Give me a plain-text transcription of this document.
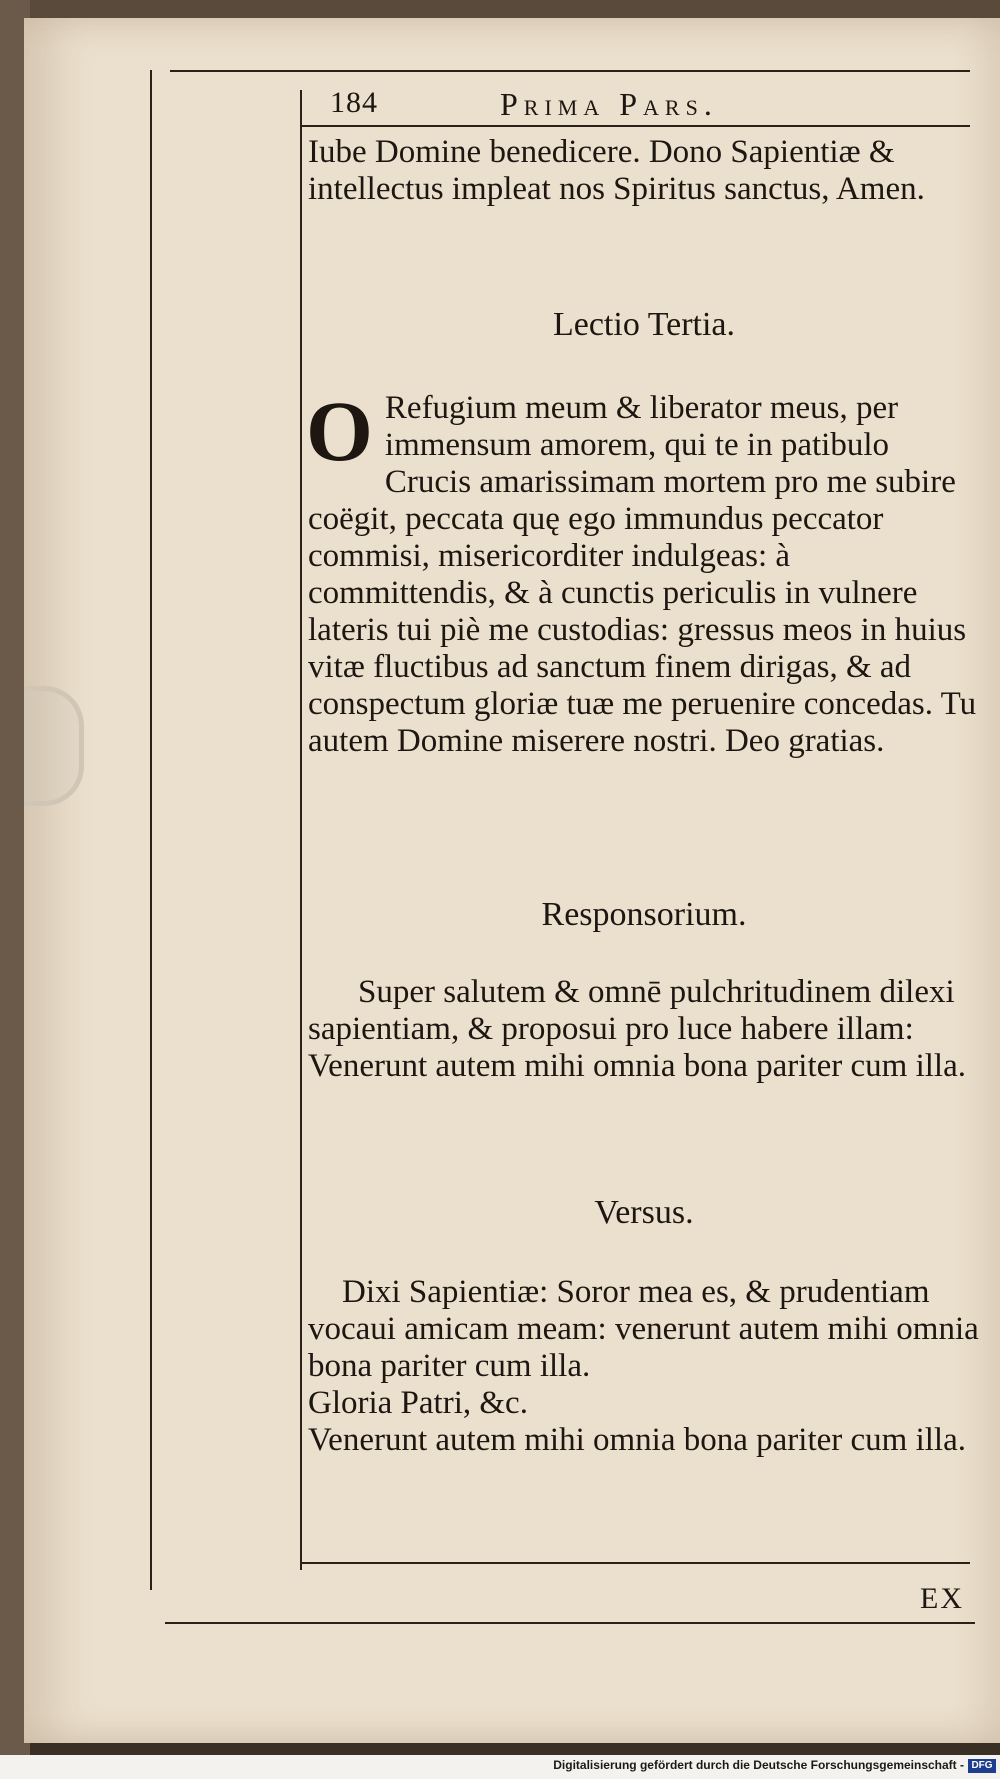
184	Prima Pars.

Iube Domine benedicere. Dono Sapientiæ & intellectus impleat nos Spiritus sanctus, Amen.

Lectio Tertia.
O Refugium meum & liberator meus, per immensum amorem, qui te in patibulo Crucis amarissimam mortem pro me subire coëgit, peccata quę ego immundus peccator commisi, misericorditer indulgeas: à committendis, & à cunctis periculis in vulnere lateris tui piè me custodias: gressus meos in huius vitæ fluctibus ad sanctum finem dirigas, & ad conspectum gloriæ tuæ me peruenire concedas. Tu autem Domine miserere nostri. Deo gratias.
Responsorium.

Super salutem & omnē pulchritudinem dilexi sapientiam, & proposui pro luce habere illam: Venerunt autem mihi omnia bona pariter cum illa.

Versus.

Dixi Sapientiæ: Soror mea es, & prudentiam vocaui amicam meam: venerunt autem mihi omnia bona pariter cum illa.

Gloria Patri, &c.

Venerunt autem mihi omnia bona pariter cum illa.

EX
Digitalisierung gefördert durch die Deutsche Forschungsgemeinschaft - DFG
